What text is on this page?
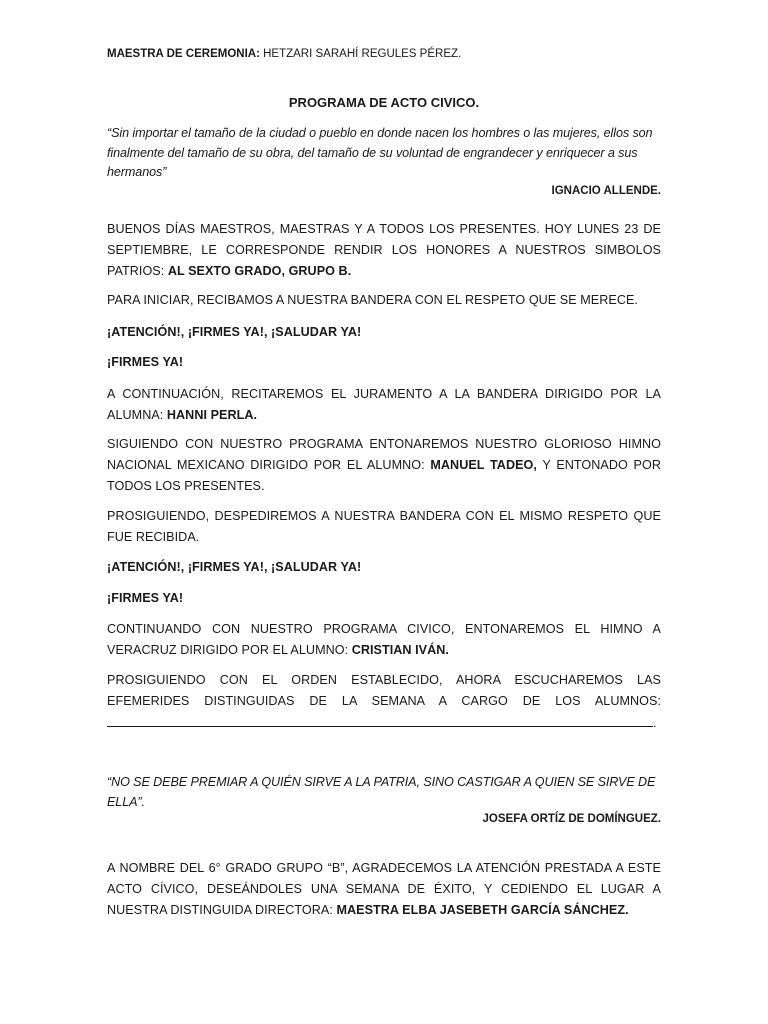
MAESTRA DE CEREMONIA: HETZARI SARAHÍ REGULES PÉREZ.
PROGRAMA DE ACTO CIVICO.
“Sin importar el tamaño de la ciudad o pueblo en donde nacen los hombres o las mujeres, ellos son finalmente del tamaño de su obra, del tamaño de su voluntad de engrandecer y enriquecer a sus hermanos”
IGNACIO ALLENDE.
BUENOS DÍAS MAESTROS, MAESTRAS Y A TODOS LOS PRESENTES. HOY LUNES 23 DE SEPTIEMBRE, LE CORRESPONDE RENDIR LOS HONORES A NUESTROS SIMBOLOS PATRIOS: AL SEXTO GRADO, GRUPO B.
PARA INICIAR, RECIBAMOS A NUESTRA BANDERA CON EL RESPETO QUE SE MERECE.
¡ATENCIÓN!, ¡FIRMES YA!, ¡SALUDAR YA!
¡FIRMES YA!
A CONTINUACIÓN, RECITAREMOS EL JURAMENTO A LA BANDERA DIRIGIDO POR LA ALUMNA: HANNI PERLA.
SIGUIENDO CON NUESTRO PROGRAMA ENTONAREMOS NUESTRO GLORIOSO HIMNO NACIONAL MEXICANO DIRIGIDO POR EL ALUMNO: MANUEL TADEO, Y ENTONADO POR TODOS LOS PRESENTES.
PROSIGUIENDO, DESPEDIREMOS A NUESTRA BANDERA CON EL MISMO RESPETO QUE FUE RECIBIDA.
¡ATENCIÓN!, ¡FIRMES YA!, ¡SALUDAR YA!
¡FIRMES YA!
CONTINUANDO CON NUESTRO PROGRAMA CIVICO, ENTONAREMOS EL HIMNO A VERACRUZ DIRIGIDO POR EL ALUMNO: CRISTIAN IVÁN.
PROSIGUIENDO CON EL ORDEN ESTABLECIDO, AHORA ESCUCHAREMOS LAS EFEMERIDES DISTINGUIDAS DE LA SEMANA A CARGO DE LOS ALUMNOS: .
“NO SE DEBE PREMIAR A QUIÉN SIRVE A LA PATRIA, SINO CASTIGAR A QUIEN SE SIRVE DE ELLA”.
JOSEFA ORTÍZ DE DOMÍNGUEZ.
A NOMBRE DEL 6° GRADO GRUPO “B”, AGRADECEMOS LA ATENCIÓN PRESTADA A ESTE ACTO CÍVICO, DESEÁNDOLES UNA SEMANA DE ÉXITO, Y CEDIENDO EL LUGAR A NUESTRA DISTINGUIDA DIRECTORA: MAESTRA ELBA JASEBETH GARCÍA SÁNCHEZ.
